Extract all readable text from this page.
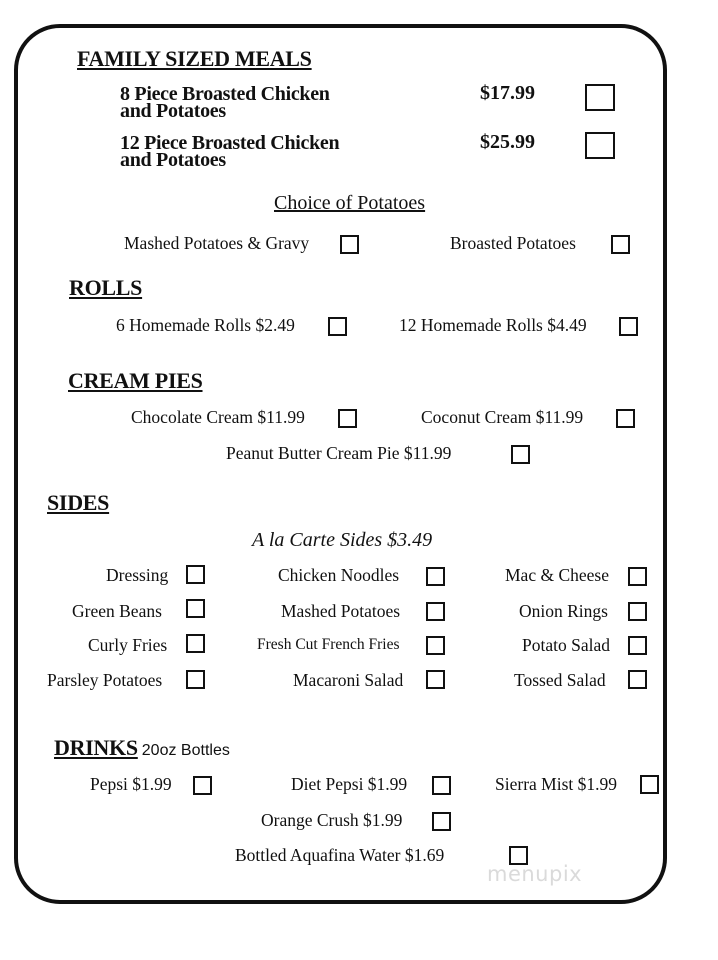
FAMILY SIZED MEALS
8 Piece Broasted Chicken
and Potatoes
$17.99
12 Piece Broasted Chicken
and Potatoes
$25.99
Choice of Potatoes
Mashed Potatoes & Gravy	Broasted Potatoes
ROLLS
6 Homemade Rolls $2.49	12 Homemade Rolls $4.49
CREAM PIES
Chocolate Cream $11.99	Coconut Cream $11.99
Peanut Butter Cream Pie $11.99
SIDES
A la Carte Sides $3.49
Dressing	Chicken Noodles	Mac & Cheese
Green Beans	Mashed Potatoes	Onion Rings
Curly Fries	Fresh Cut French Fries	Potato Salad
Parsley Potatoes	Macaroni Salad	Tossed Salad
DRINKS 20oz Bottles
Pepsi $1.99	Diet Pepsi $1.99	Sierra Mist $1.99
Orange Crush $1.99
Bottled Aquafina Water $1.69
menupix
